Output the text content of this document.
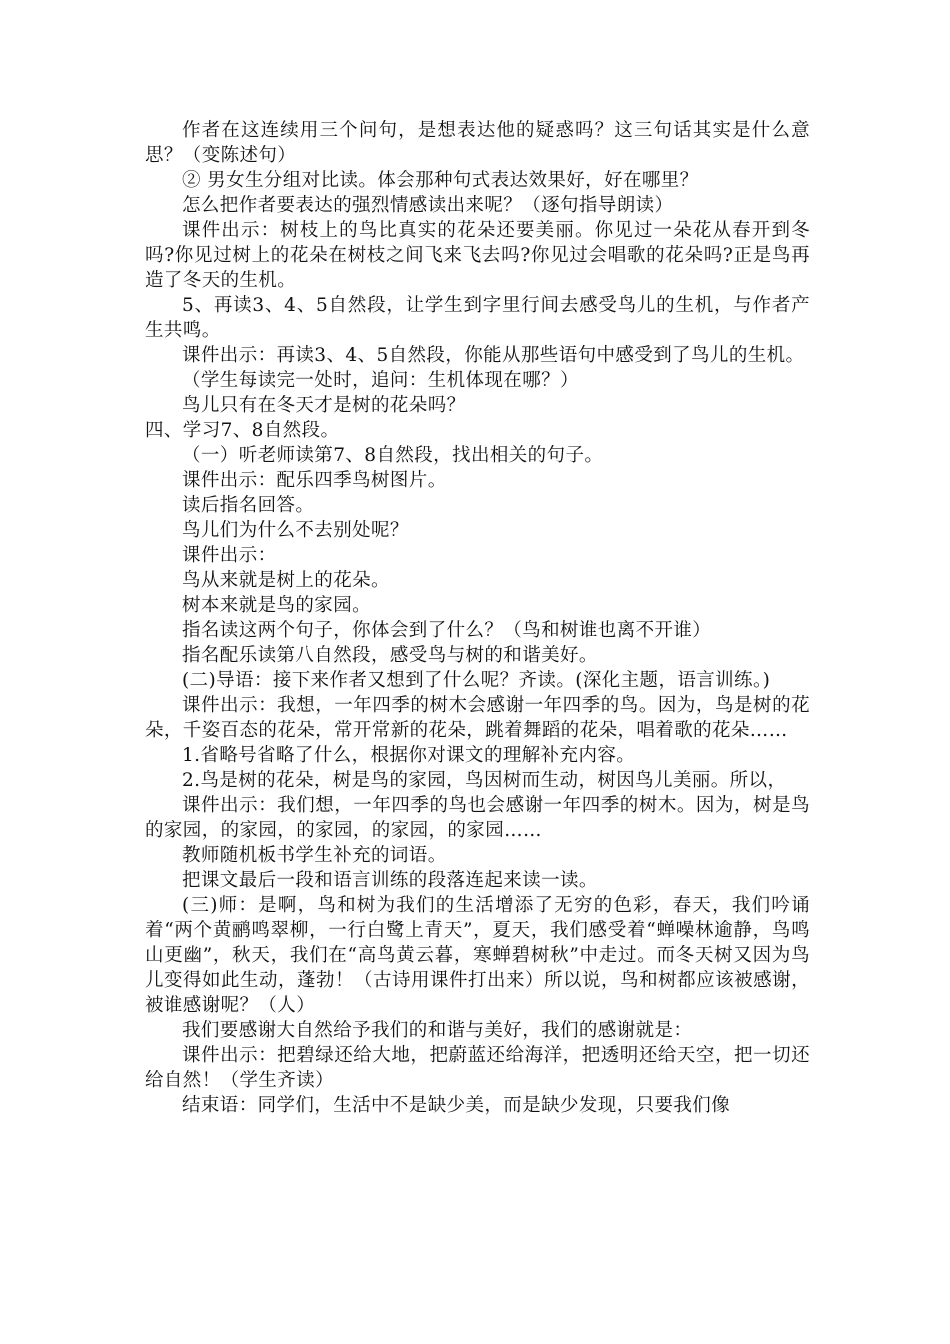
作者在这连续用三个问句，是想表达他的疑惑吗？这三句话其实是什么意思？（变陈述句）

② 男女生分组对比读。体会那种句式表达效果好，好在哪里？

怎么把作者要表达的强烈情感读出来呢？（逐句指导朗读）

课件出示：树枝上的鸟比真实的花朵还要美丽。你见过一朵花从春开到冬吗?你见过树上的花朵在树枝之间飞来飞去吗?你见过会唱歌的花朵吗?正是鸟再造了冬天的生机。

5、再读3、4、5自然段，让学生到字里行间去感受鸟儿的生机，与作者产生共鸣。

课件出示：再读3、4、5自然段，你能从那些语句中感受到了鸟儿的生机。

（学生每读完一处时，追问：生机体现在哪？）

鸟儿只有在冬天才是树的花朵吗？

四、学习7、8自然段。

（一）听老师读第7、8自然段，找出相关的句子。

课件出示：配乐四季鸟树图片。

读后指名回答。

鸟儿们为什么不去别处呢？

课件出示：

鸟从来就是树上的花朵。

树本来就是鸟的家园。

指名读这两个句子，你体会到了什么？（鸟和树谁也离不开谁）

指名配乐读第八自然段，感受鸟与树的和谐美好。

(二)导语：接下来作者又想到了什么呢？齐读。(深化主题，语言训练。)

课件出示：我想，一年四季的树木会感谢一年四季的鸟。因为，鸟是树的花朵，千姿百态的花朵，常开常新的花朵，跳着舞蹈的花朵，唱着歌的花朵……

1.省略号省略了什么，根据你对课文的理解补充内容。

2.鸟是树的花朵，树是鸟的家园，鸟因树而生动，树因鸟儿美丽。所以，

课件出示：我们想，一年四季的鸟也会感谢一年四季的树木。因为，树是鸟的家园，的家园，的家园，的家园，的家园……

教师随机板书学生补充的词语。

把课文最后一段和语言训练的段落连起来读一读。

(三)师：是啊，鸟和树为我们的生活增添了无穷的色彩，春天，我们吟诵着“两个黄鹂鸣翠柳，一行白鹭上青天”，夏天，我们感受着“蝉噪林逾静，鸟鸣山更幽”，秋天，我们在“高鸟黄云暮，寒蝉碧树秋”中走过。而冬天树又因为鸟儿变得如此生动，蓬勃！（古诗用课件打出来）所以说，鸟和树都应该被感谢，被谁感谢呢？（人）

我们要感谢大自然给予我们的和谐与美好，我们的感谢就是：

课件出示：把碧绿还给大地，把蔚蓝还给海洋，把透明还给天空，把一切还给自然！（学生齐读）

结束语：同学们，生活中不是缺少美，而是缺少发现，只要我们像
